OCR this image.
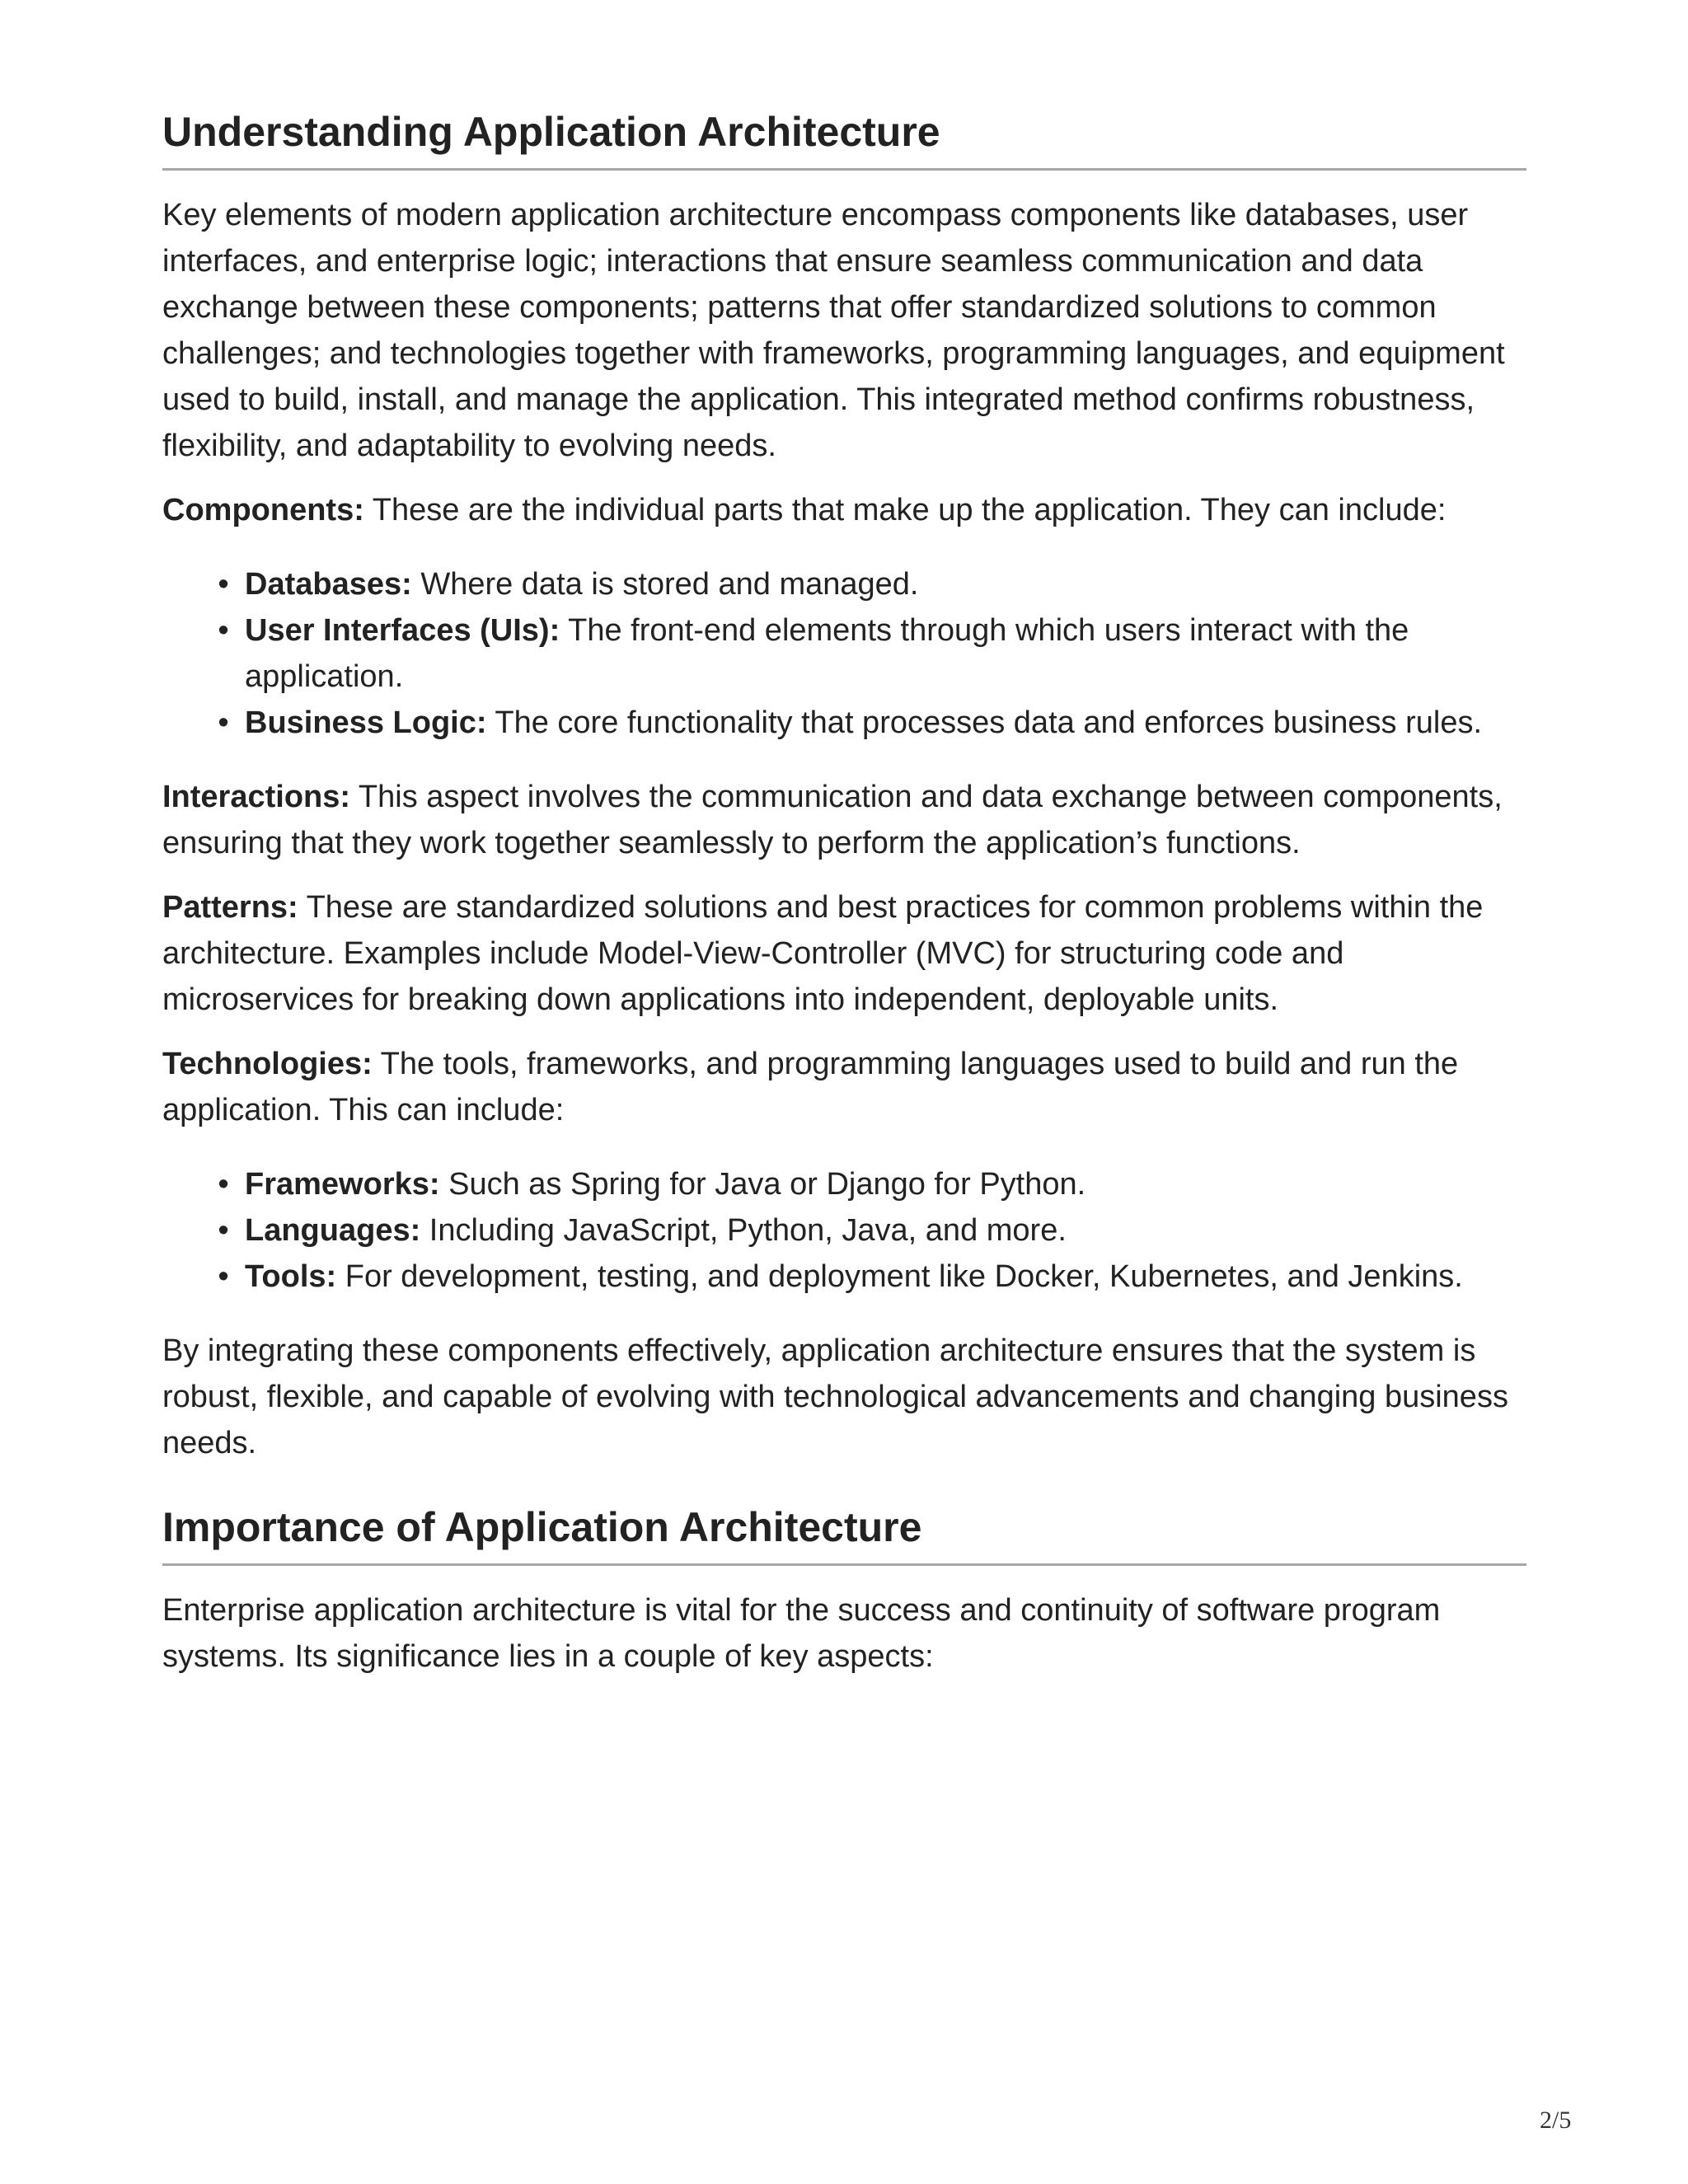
Understanding Application Architecture

Key elements of modern application architecture encompass components like databases, user interfaces, and enterprise logic; interactions that ensure seamless communication and data exchange between these components; patterns that offer standardized solutions to common challenges; and technologies together with frameworks, programming languages, and equipment used to build, install, and manage the application. This integrated method confirms robustness, flexibility, and adaptability to evolving needs.

Components: These are the individual parts that make up the application. They can include:

• Databases: Where data is stored and managed.
• User Interfaces (UIs): The front-end elements through which users interact with the application.
• Business Logic: The core functionality that processes data and enforces business rules.

Interactions: This aspect involves the communication and data exchange between components, ensuring that they work together seamlessly to perform the application’s functions.

Patterns: These are standardized solutions and best practices for common problems within the architecture. Examples include Model-View-Controller (MVC) for structuring code and microservices for breaking down applications into independent, deployable units.

Technologies: The tools, frameworks, and programming languages used to build and run the application. This can include:

• Frameworks: Such as Spring for Java or Django for Python.
• Languages: Including JavaScript, Python, Java, and more.
• Tools: For development, testing, and deployment like Docker, Kubernetes, and Jenkins.

By integrating these components effectively, application architecture ensures that the system is robust, flexible, and capable of evolving with technological advancements and changing business needs.

Importance of Application Architecture

Enterprise application architecture is vital for the success and continuity of software program systems. Its significance lies in a couple of key aspects:

2/5
